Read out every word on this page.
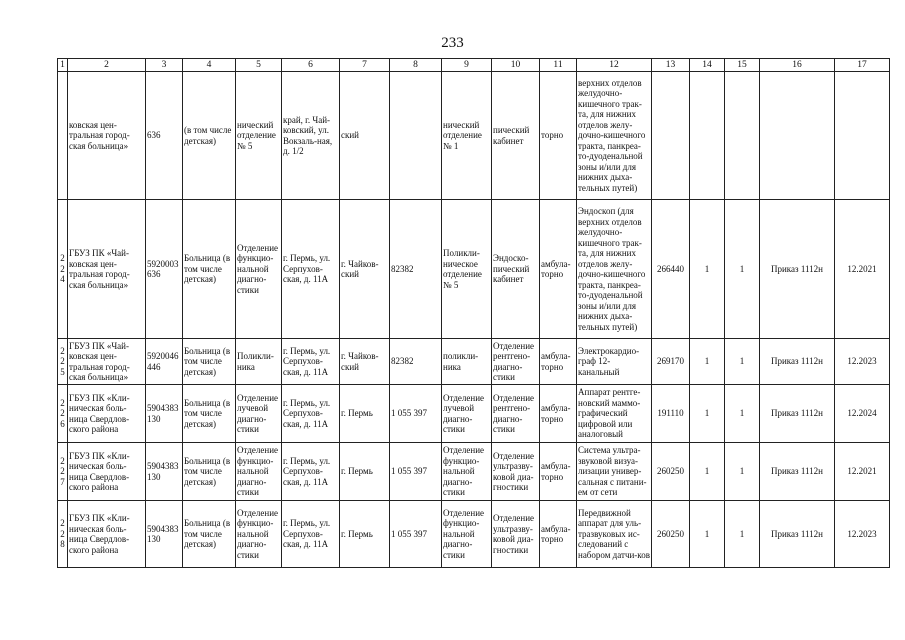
233
1	2	3	4	5	6	7	8	9	10	11	12	13	14	15	16	17
	ковская цен-тральная город-ская больница»	636	(в том числе детская)	нический отделение № 5	край, г. Чай-ковский, ул. Вокзаль-ная, д. 1/2	ский		нический отделение № 1	пический кабинет	торно	верхних отделов желудочно-кишечного трак-та, для нижних отделов желу-дочно-кишечного тракта, панкреа-то-дуоденальной зоны и/или для нижних дыха-тельных путей)					
224	ГБУЗ ПК «Чай-ковская цен-тральная город-ская больница»	5920003 636	Больница (в том числе детская)	Отделение функцио-нальной диагно-стики	г. Пермь, ул. Серпухов-ская, д. 11А	г. Чайков-ский	82382	Поликли-ническое отделение № 5	Эндоско-пический кабинет	амбула-торно	Эндоскоп (для верхних отделов желудочно-кишечного трак-та, для нижних отделов желу-дочно-кишечного тракта, панкреа-то-дуоденальной зоны и/или для нижних дыха-тельных путей)	266440	1	1	Приказ 1112н	12.2021
225	ГБУЗ ПК «Чай-ковская цен-тральная город-ская больница»	5920046 446	Больница (в том числе детская)	Поликли-ника	г. Пермь, ул. Серпухов-ская, д. 11А	г. Чайков-ский	82382	поликли-ника	Отделение рентгено-диагно-стики	амбула-торно	Электрокардио-граф 12-канальный	269170	1	1	Приказ 1112н	12.2023
226	ГБУЗ ПК «Кли-ническая боль-ница Свердлов-ского района	5904383 130	Больница (в том числе детская)	Отделение лучевой диагно-стики	г. Пермь, ул. Серпухов-ская, д. 11А	г. Пермь	1 055 397	Отделение лучевой диагно-стики	Отделение рентгено-диагно-стики	амбула-торно	Аппарат рентге-новский маммо-графический цифровой или аналоговый	191110	1	1	Приказ 1112н	12.2024
227	ГБУЗ ПК «Кли-ническая боль-ница Свердлов-ского района	5904383 130	Больница (в том числе детская)	Отделение функцио-нальной диагно-стики	г. Пермь, ул. Серпухов-ская, д. 11А	г. Пермь	1 055 397	Отделение функцио-нальной диагно-стики	Отделение ультразву-ковой диа-гностики	амбула-торно	Система ультра-звуковой визуа-лизации универ-сальная с питани-ем от сети	260250	1	1	Приказ 1112н	12.2021
228	ГБУЗ ПК «Кли-ническая боль-ница Свердлов-ского района	5904383 130	Больница (в том числе детская)	Отделение функцио-нальной диагно-стики	г. Пермь, ул. Серпухов-ская, д. 11А	г. Пермь	1 055 397	Отделение функцио-нальной диагно-стики	Отделение ультразву-ковой диа-гностики	амбула-торно	Передвижной аппарат для уль-тразвуковых ис-следований с набором датчи-ков	260250	1	1	Приказ 1112н	12.2023
